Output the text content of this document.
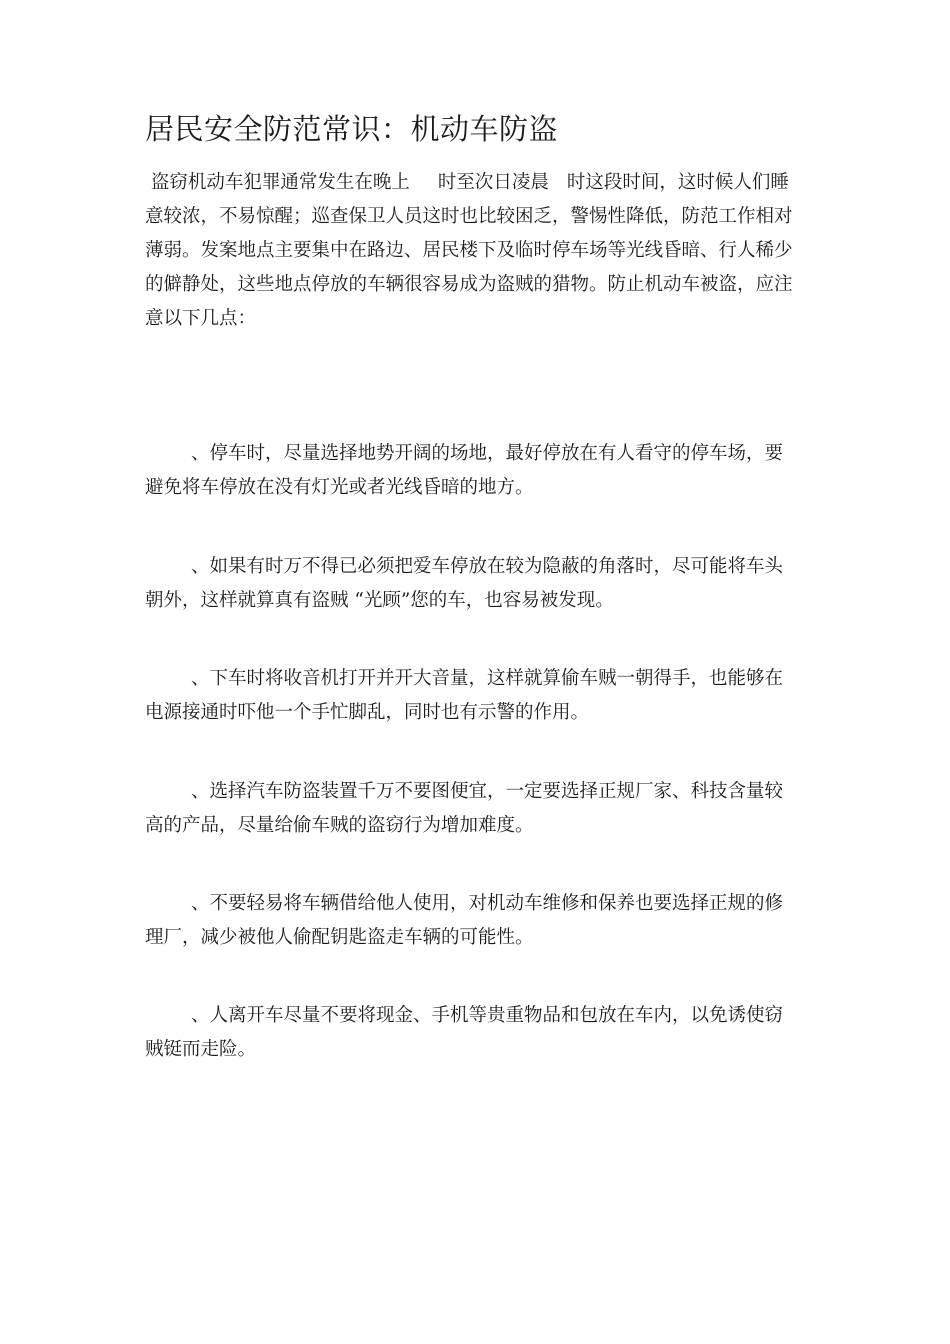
居民安全防范常识：机动车防盗

盗窃机动车犯罪通常发生在晚上 时至次日凌晨 时这段时间，这时候人们睡
意较浓，不易惊醒；巡查保卫人员这时也比较困乏，警惕性降低，防范工作相对
薄弱。发案地点主要集中在路边、居民楼下及临时停车场等光线昏暗、行人稀少
的僻静处，这些地点停放的车辆很容易成为盗贼的猎物。防止机动车被盗，应注
意以下几点：

、停车时，尽量选择地势开阔的场地，最好停放在有人看守的停车场，要
避免将车停放在没有灯光或者光线昏暗的地方。

、如果有时万不得已必须把爱车停放在较为隐蔽的角落时，尽可能将车头
朝外，这样就算真有盗贼 “光顾”您的车，也容易被发现。

、下车时将收音机打开并开大音量，这样就算偷车贼一朝得手，也能够在
电源接通时吓他一个手忙脚乱，同时也有示警的作用。

、选择汽车防盗装置千万不要图便宜，一定要选择正规厂家、科技含量较
高的产品，尽量给偷车贼的盗窃行为增加难度。

、不要轻易将车辆借给他人使用，对机动车维修和保养也要选择正规的修
理厂，减少被他人偷配钥匙盗走车辆的可能性。

、人离开车尽量不要将现金、手机等贵重物品和包放在车内，以免诱使窃
贼铤而走险。
